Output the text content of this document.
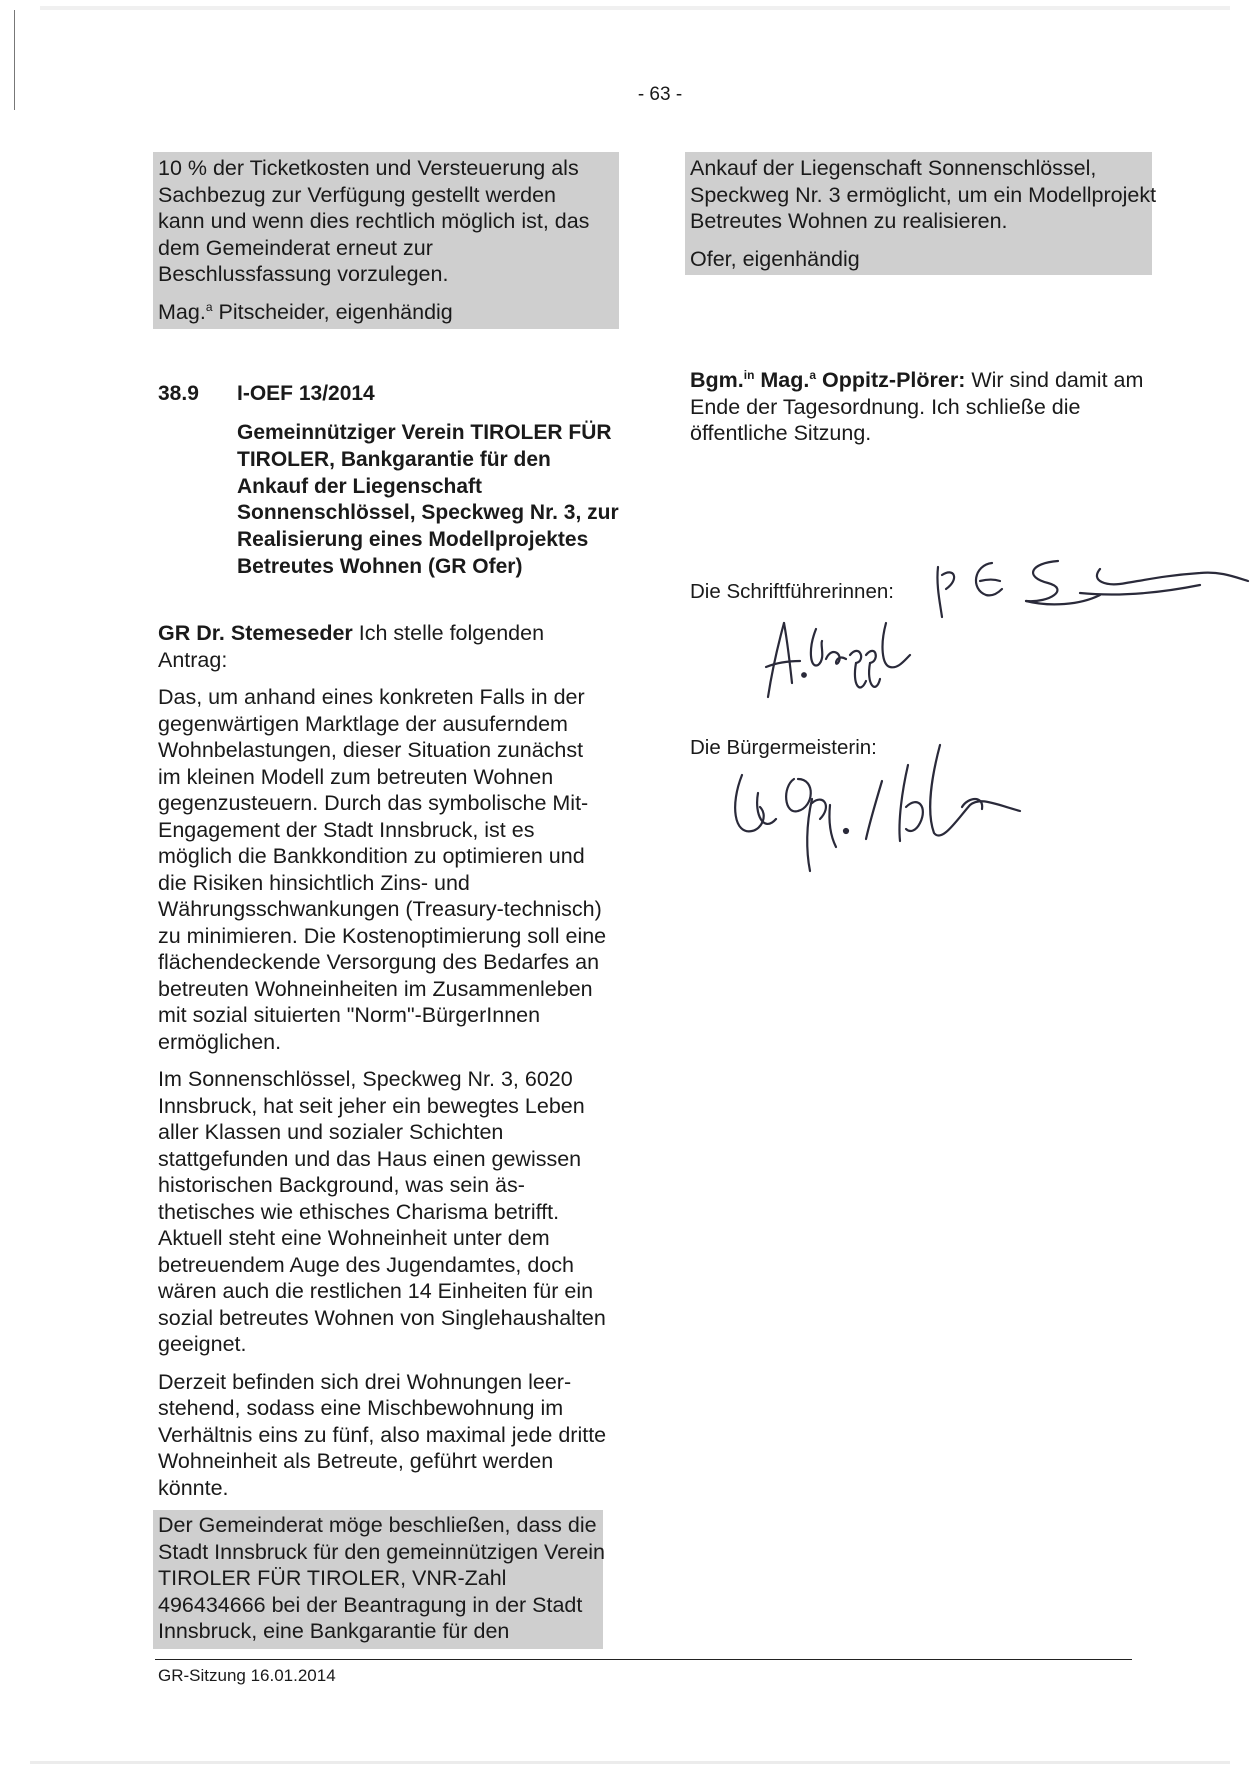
- 63 -

10 % der Ticketkosten und Versteuerung als Sachbezug zur Verfügung gestellt werden kann und wenn dies rechtlich möglich ist, das dem Gemeinderat erneut zur Beschlussfassung vorzulegen.

Mag.$^a$ Pitscheider, eigenhändig

Ankauf der Liegenschaft Sonnenschlössel, Speckweg Nr. 3 ermöglicht, um ein Modellprojekt Betreutes Wohnen zu realisieren.

Ofer, eigenhändig

38.9 I-OEF 13/2014
Gemeinnütziger Verein TIROLER FÜR TIROLER, Bankgarantie für den Ankauf der Liegenschaft Sonnenschlössel, Speckweg Nr. 3, zur Realisierung eines Modellprojektes Betreutes Wohnen (GR Ofer)

GR Dr. Stemeseder Ich stelle folgenden Antrag:

Das, um anhand eines konkreten Falls in der gegenwärtigen Marktlage der ausuferndem Wohnbelastungen, dieser Situation zunächst im kleinen Modell zum betreuten Wohnen gegenzusteuern. Durch das symbolische Mit-Engagement der Stadt Innsbruck, ist es möglich die Bankkondition zu optimieren und die Risiken hinsichtlich Zins- und Währungsschwankungen (Treasury-technisch) zu minimieren. Die Kostenoptimierung soll eine flächendeckende Versorgung des Bedarfes an betreuten Wohneinheiten im Zusammenleben mit sozial situierten "Norm"-BürgerInnen ermöglichen.

Im Sonnenschlössel, Speckweg Nr. 3, 6020 Innsbruck, hat seit jeher ein bewegtes Leben aller Klassen und sozialer Schichten stattgefunden und das Haus einen gewissen historischen Background, was sein ästhetisches wie ethisches Charisma betrifft. Aktuell steht eine Wohneinheit unter dem betreuendem Auge des Jugendamtes, doch wären auch die restlichen 14 Einheiten für ein sozial betreutes Wohnen von Singlehaushalten geeignet.

Derzeit befinden sich drei Wohnungen leerstehend, sodass eine Mischbewohnung im Verhältnis eins zu fünf, also maximal jede dritte Wohneinheit als Betreute, geführt werden könnte.

Der Gemeinderat möge beschließen, dass die Stadt Innsbruck für den gemeinnützigen Verein TIROLER FÜR TIROLER, VNR-Zahl 496434666 bei der Beantragung in der Stadt Innsbruck, eine Bankgarantie für den

Bgm.$^{in}$ Mag.$^a$ Oppitz-Plörer: Wir sind damit am Ende der Tagesordnung. Ich schließe die öffentliche Sitzung.

Die Schriftführerinnen:
Die Bürgermeisterin:
GR-Sitzung 16.01.2014
